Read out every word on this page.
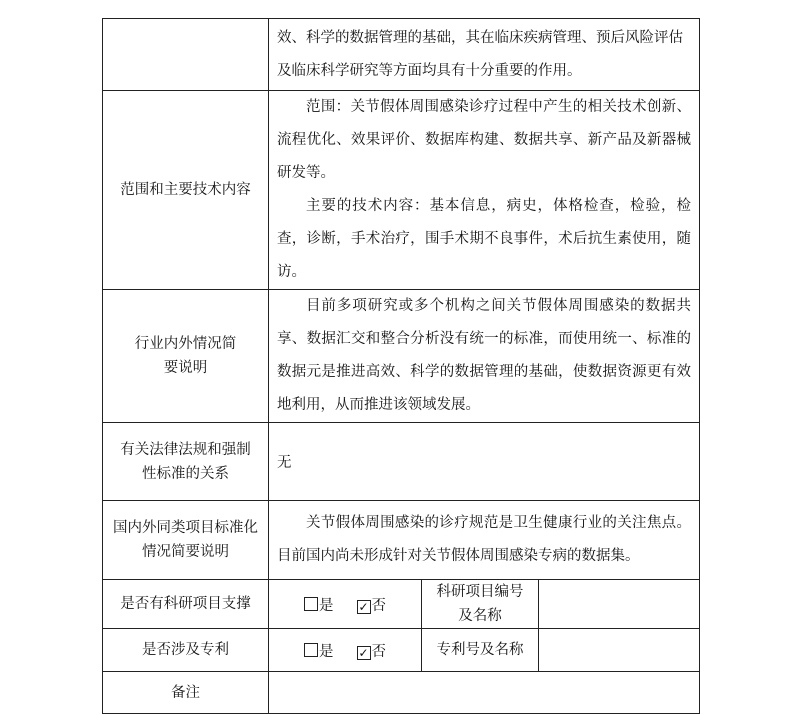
	效、科学的数据管理的基础，其在临床疾病管理、预后风险评估
及临床科学研究等方面均具有十分重要的作用。		

范围和主要技术内容	范围：关节假体周围感染诊疗过程中产生的相关技术创新、流程优化、效果评价、数据库构建、数据共享、新产品及新器械研发等。
主要的技术内容：基本信息，病史，体格检查，检验，检查，诊断，手术治疗，围手术期不良事件，术后抗生素使用，随访。		

行业内外情况简要说明	目前多项研究或多个机构之间关节假体周围感染的数据共享、数据汇交和整合分析没有统一的标准，而使用统一、标准的数据元是推进高效、科学的数据管理的基础，使数据资源更有效地利用，从而推进该领域发展。		
有关法律法规和强制性标准的关系	无		
国内外同类项目标准化情况简要说明	关节假体周围感染的诊疗规范是卫生健康行业的关注焦点。目前国内尚未形成针对关节假体周围感染专病的数据集。		
是否有科研项目支撑	是 ✓ 否	科研项目编号及名称	
是否涉及专利	是 ✓ 否	专利号及名称	
备注			
